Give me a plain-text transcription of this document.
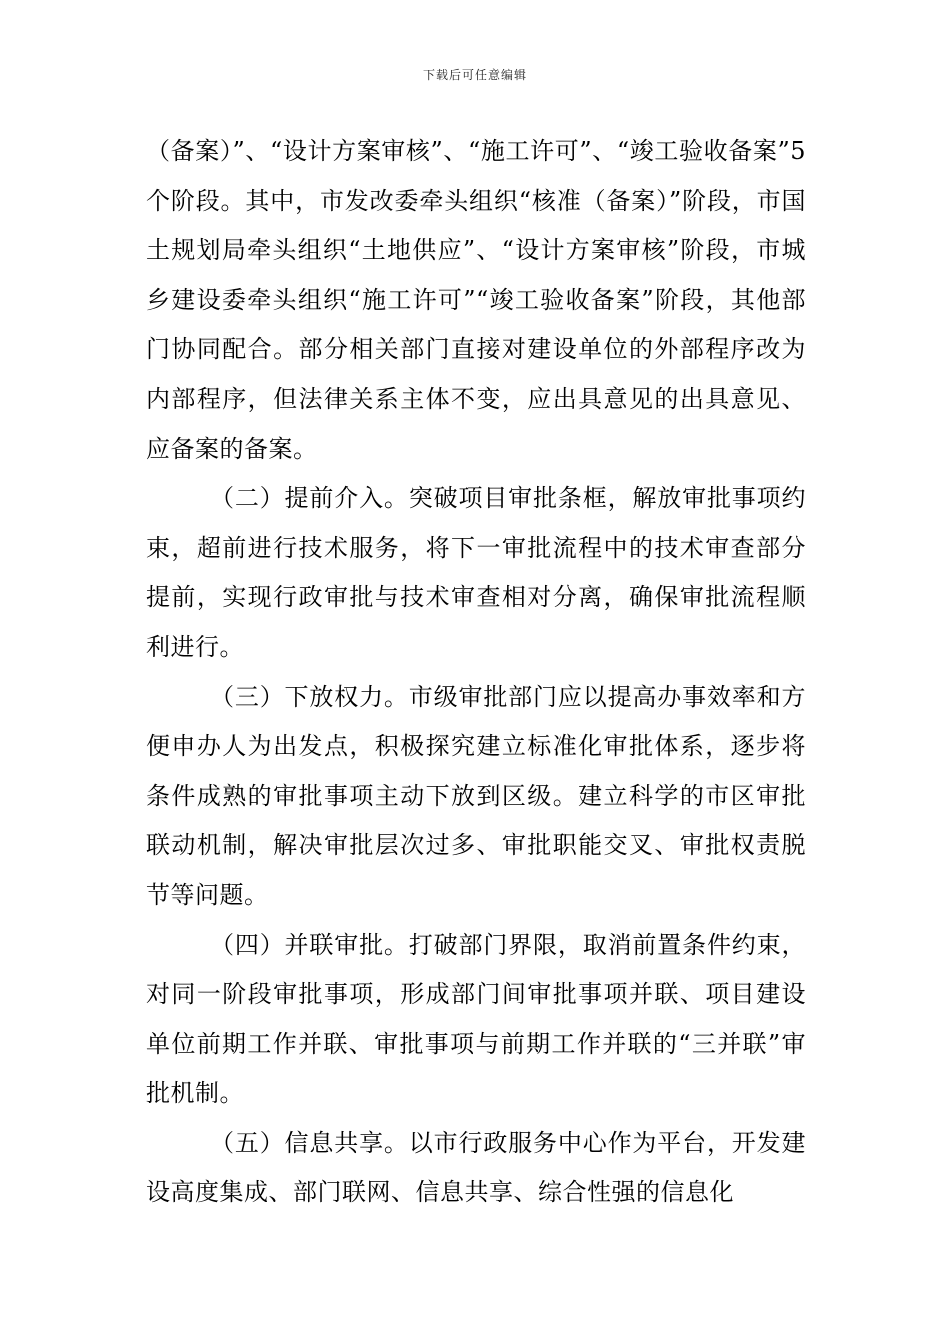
下载后可任意编辑

（备案）”、“设计方案审核”、“施工许可”、“竣工验收备案”5个阶段。其中，市发改委牵头组织“核准（备案）”阶段，市国土规划局牵头组织“土地供应”、“设计方案审核”阶段，市城乡建设委牵头组织“施工许可”“竣工验收备案”阶段，其他部门协同配合。部分相关部门直接对建设单位的外部程序改为内部程序，但法律关系主体不变，应出具意见的出具意见、应备案的备案。

（二）提前介入。突破项目审批条框，解放审批事项约束，超前进行技术服务，将下一审批流程中的技术审查部分提前，实现行政审批与技术审查相对分离，确保审批流程顺利进行。

（三）下放权力。市级审批部门应以提高办事效率和方便申办人为出发点，积极探究建立标准化审批体系，逐步将条件成熟的审批事项主动下放到区级。建立科学的市区审批联动机制，解决审批层次过多、审批职能交叉、审批权责脱节等问题。

（四）并联审批。打破部门界限，取消前置条件约束，对同一阶段审批事项，形成部门间审批事项并联、项目建设单位前期工作并联、审批事项与前期工作并联的“三并联”审批机制。

（五）信息共享。以市行政服务中心作为平台，开发建设高度集成、部门联网、信息共享、综合性强的信息化
